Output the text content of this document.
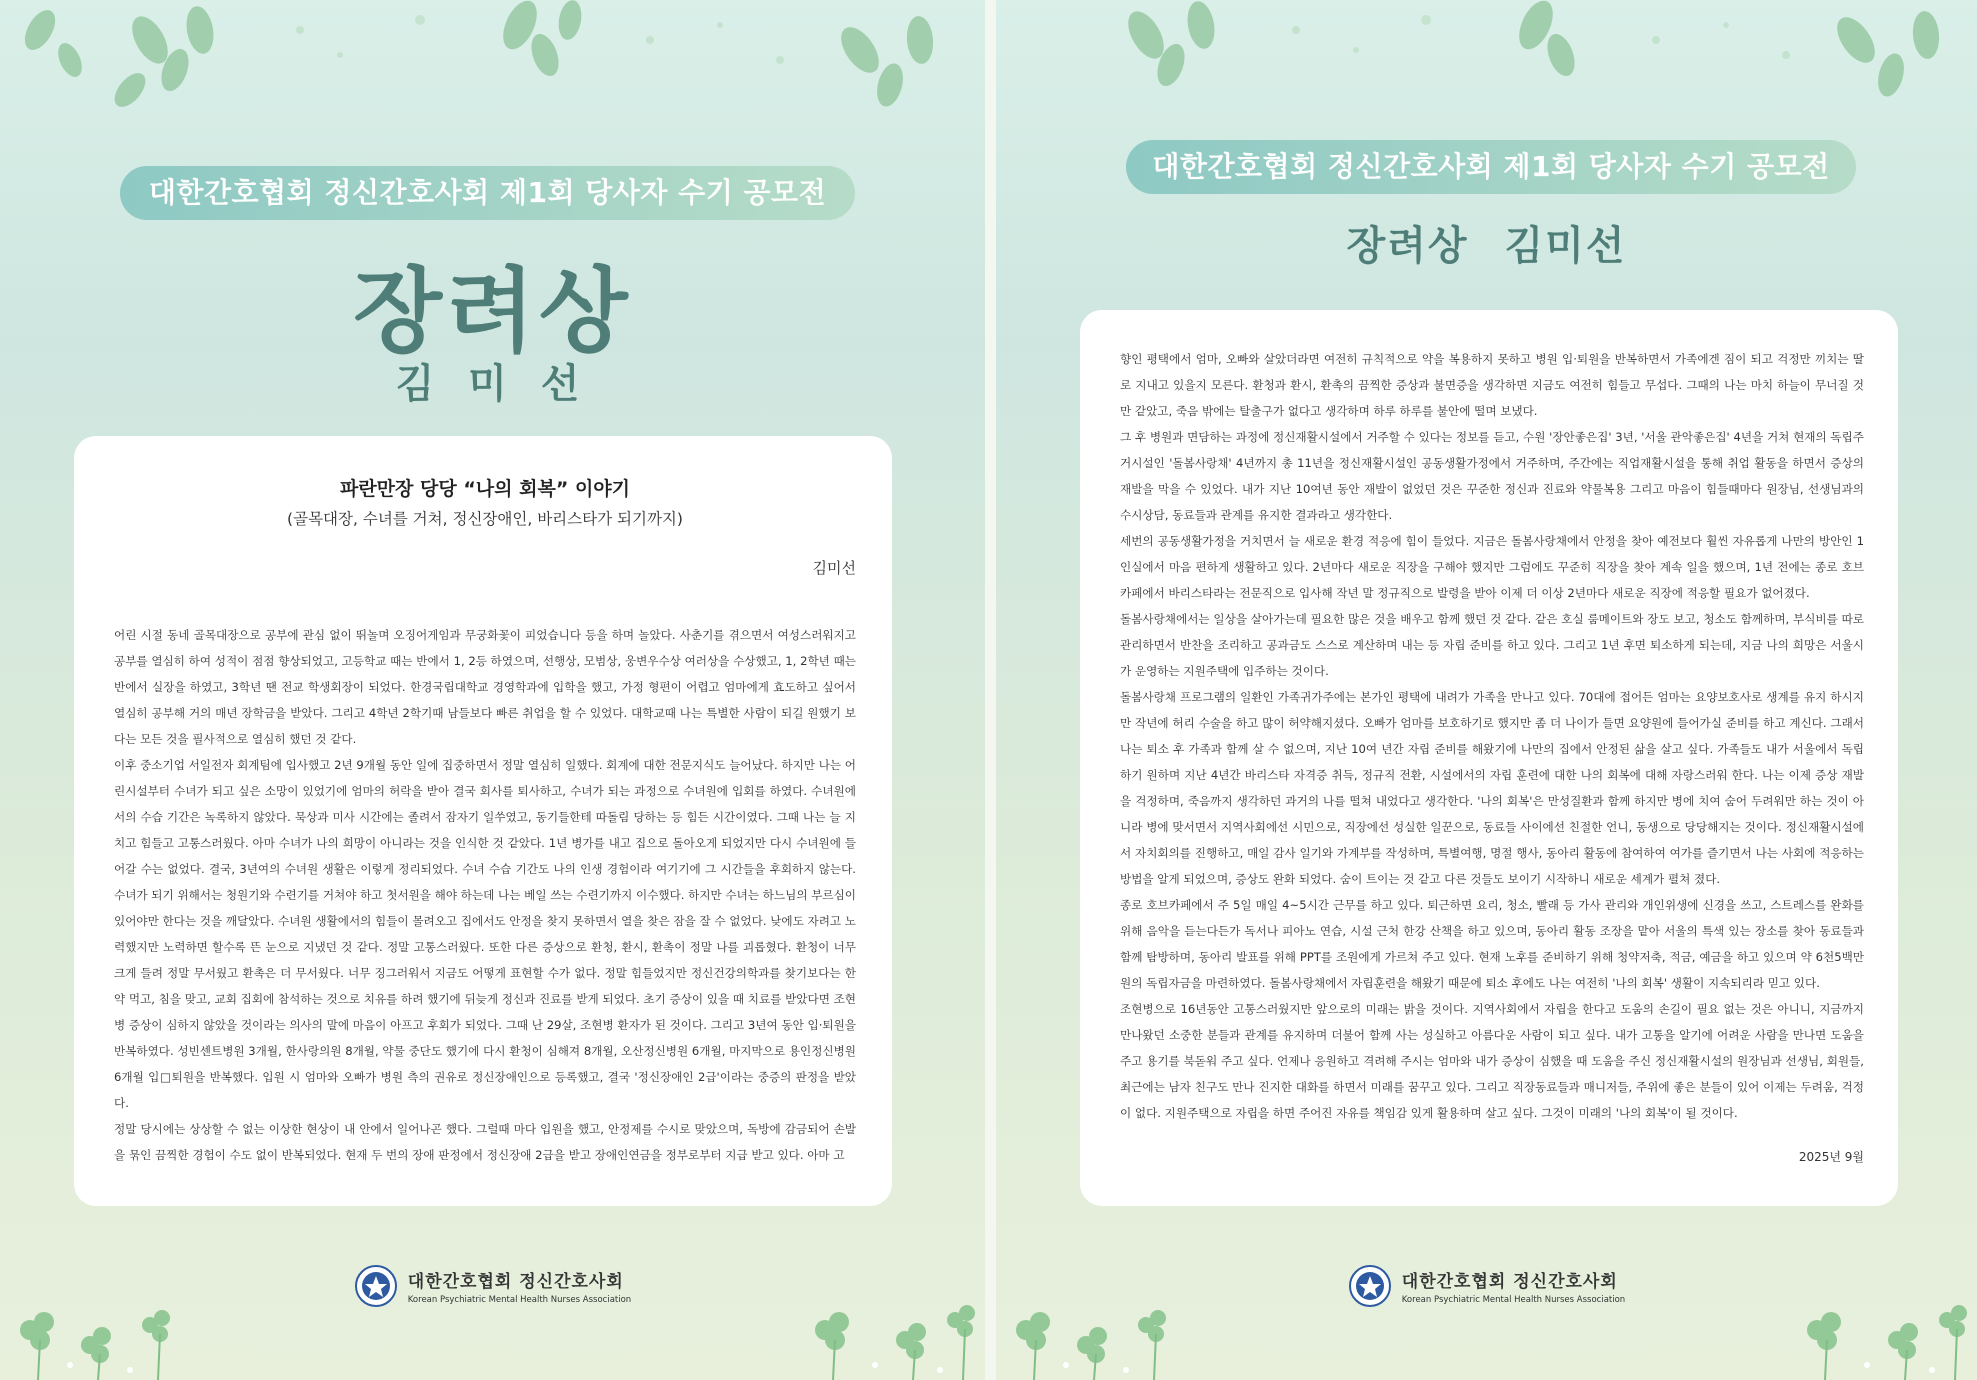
대한간호협회 정신간호사회 제1회 당사자 수기 공모전
장려상
김 미 선
파란만장 당당 “나의 회복” 이야기
(골목대장, 수녀를 거쳐, 정신장애인, 바리스타가 되기까지)
김미선

어린 시절 동네 골목대장으로 공부에 관심 없이 뛰놀며 오징어게임과 무궁화꽃이 피었습니다 등을 하며 놀았다. 사춘기를 겪으면서 여성스러워지고 공부를 열심히 하여 성적이 점점 향상되었고, 고등학교 때는 반에서 1, 2등 하였으며, 선행상, 모범상, 웅변우수상 여러상을 수상했고, 1, 2학년 때는 반에서 실장을 하였고, 3학년 땐 전교 학생회장이 되었다. 한경국립대학교 경영학과에 입학을 했고, 가정 형편이 어렵고 엄마에게 효도하고 싶어서 열심히 공부해 거의 매년 장학금을 받았다. 그리고 4학년 2학기때 남들보다 빠른 취업을 할 수 있었다. 대학교때 나는 특별한 사람이 되길 원했기 보다는 모든 것을 필사적으로 열심히 했던 것 같다.

이후 중소기업 서일전자 회계팀에 입사했고 2년 9개월 동안 일에 집중하면서 정말 열심히 일했다. 회계에 대한 전문지식도 늘어났다. 하지만 나는 어린시설부터 수녀가 되고 싶은 소망이 있었기에 엄마의 허락을 받아 결국 회사를 퇴사하고, 수녀가 되는 과정으로 수녀원에 입회를 하였다. 수녀원에서의 수습 기간은 녹록하지 않았다. 묵상과 미사 시간에는 졸려서 잠자기 일쑤였고, 동기들한테 따돌림 당하는 등 힘든 시간이였다. 그때 나는 늘 지치고 힘들고 고통스러웠다. 아마 수녀가 나의 희망이 아니라는 것을 인식한 것 같았다. 1년 병가를 내고 집으로 돌아오게 되었지만 다시 수녀원에 들어갈 수는 없었다. 결국, 3년여의 수녀원 생활은 이렇게 정리되었다. 수녀 수습 기간도 나의 인생 경험이라 여기기에 그 시간들을 후회하지 않는다. 수녀가 되기 위해서는 청원기와 수련기를 거쳐야 하고 첫서원을 해야 하는데 나는 베일 쓰는 수련기까지 이수했다. 하지만 수녀는 하느님의 부르심이 있어야만 한다는 것을 깨달았다. 수녀원 생활에서의 힘들이 몰려오고 집에서도 안정을 찾지 못하면서 열을 찾은 잠을 잘 수 없었다. 낮에도 자려고 노력했지만 노력하면 할수록 뜬 눈으로 지냈던 것 같다. 정말 고통스러웠다. 또한 다른 증상으로 환청, 환시, 환촉이 정말 나를 괴롭혔다. 환청이 너무 크게 들려 정말 무서웠고 환촉은 더 무서웠다. 너무 징그러워서 지금도 어떻게 표현할 수가 없다. 정말 힘들었지만 정신건강의학과를 찾기보다는 한약 먹고, 침을 맞고, 교회 집회에 참석하는 것으로 치유를 하려 했기에 뒤늦게 정신과 진료를 받게 되었다. 초기 증상이 있을 때 치료를 받았다면 조현병 증상이 심하지 않았을 것이라는 의사의 말에 마음이 아프고 후회가 되었다. 그때 난 29살, 조현병 환자가 된 것이다. 그리고 3년여 동안 입·퇴원을 반복하였다. 성빈센트병원 3개월, 한사랑의원 8개월, 약물 중단도 했기에 다시 환청이 심해져 8개월, 오산정신병원 6개월, 마지막으로 용인정신병원 6개월 입□퇴원을 반복했다. 입원 시 엄마와 오빠가 병원 측의 권유로 정신장애인으로 등록했고, 결국 '정신장애인 2급'이라는 중증의 판정을 받았다.

정말 당시에는 상상할 수 없는 이상한 현상이 내 안에서 일어나곤 했다. 그럴때 마다 입원을 했고, 안정제를 수시로 맞았으며, 독방에 감금되어 손발을 묶인 끔찍한 경험이 수도 없이 반복되었다. 현재 두 번의 장애 판정에서 정신장애 2급을 받고 장애인연금을 정부로부터 지급 받고 있다. 아마 고

대한간호협회 정신간호사회
Korean Psychiatric Mental Health Nurses Association
대한간호협회 정신간호사회 제1회 당사자 수기 공모전
장려상 김미선

향인 평택에서 엄마, 오빠와 살았더라면 여전히 규칙적으로 약을 복용하지 못하고 병원 입·퇴원을 반복하면서 가족에겐 짐이 되고 걱정만 끼치는 딸로 지내고 있을지 모른다. 환청과 환시, 환촉의 끔찍한 증상과 불면증을 생각하면 지금도 여전히 힘들고 무섭다. 그때의 나는 마치 하늘이 무너질 것 만 같았고, 죽음 밖에는 탈출구가 없다고 생각하며 하루 하루를 불안에 떨며 보냈다.

그 후 병원과 면담하는 과정에 정신재활시설에서 거주할 수 있다는 정보를 듣고, 수원 '장안좋은집' 3년, '서울 관악좋은집' 4년을 거쳐 현재의 독립주거시설인 '돌봄사랑채' 4년까지 총 11년을 정신재활시설인 공동생활가정에서 거주하며, 주간에는 직업재활시설을 통해 취업 활동을 하면서 증상의 재발을 막을 수 있었다. 내가 지난 10여년 동안 재발이 없었던 것은 꾸준한 정신과 진료와 약물복용 그리고 마음이 힘들때마다 원장님, 선생님과의 수시상담, 동료들과 관계를 유지한 결과라고 생각한다.

세번의 공동생활가정을 거치면서 늘 새로운 환경 적응에 힘이 들었다. 지금은 돌봄사랑채에서 안정을 찾아 예전보다 훨씬 자유롭게 나만의 방안인 1인실에서 마음 편하게 생활하고 있다. 2년마다 새로운 직장을 구해야 했지만 그럼에도 꾸준히 직장을 찾아 계속 일을 했으며, 1년 전에는 종로 호브카페에서 바리스타라는 전문직으로 입사해 작년 말 정규직으로 발령을 받아 이제 더 이상 2년마다 새로운 직장에 적응할 필요가 없어졌다.

돌봄사랑채에서는 일상을 살아가는데 필요한 많은 것을 배우고 함께 했던 것 같다. 같은 호실 룸메이트와 장도 보고, 청소도 함께하며, 부식비를 따로 관리하면서 반찬을 조리하고 공과금도 스스로 계산하며 내는 등 자립 준비를 하고 있다. 그리고 1년 후면 퇴소하게 되는데, 지금 나의 희망은 서울시가 운영하는 지원주택에 입주하는 것이다.

돌봄사랑채 프로그램의 일환인 가족귀가주에는 본가인 평택에 내려가 가족을 만나고 있다. 70대에 접어든 엄마는 요양보호사로 생계를 유지 하시지만 작년에 허리 수술을 하고 많이 허약해지셨다. 오빠가 엄마를 보호하기로 했지만 좀 더 나이가 들면 요양원에 들어가실 준비를 하고 계신다. 그래서 나는 퇴소 후 가족과 함께 살 수 없으며, 지난 10여 년간 자립 준비를 해왔기에 나만의 집에서 안정된 삶을 살고 싶다. 가족들도 내가 서울에서 독립하기 원하며 지난 4년간 바리스타 자격증 취득, 정규직 전환, 시설에서의 자립 훈련에 대한 나의 회복에 대해 자랑스러워 한다. 나는 이제 증상 재발을 걱정하며, 죽음까지 생각하던 과거의 나를 떨쳐 내었다고 생각한다. '나의 회복'은 만성질환과 함께 하지만 병에 치여 숨어 두려워만 하는 것이 아니라 병에 맞서면서 지역사회에선 시민으로, 직장에선 성실한 일꾼으로, 동료들 사이에선 친절한 언니, 동생으로 당당해지는 것이다. 정신재활시설에서 자치회의를 진행하고, 매일 감사 일기와 가계부를 작성하며, 특별여행, 명절 행사, 동아리 활동에 참여하여 여가를 즐기면서 나는 사회에 적응하는 방법을 알게 되었으며, 증상도 완화 되었다. 숨이 트이는 것 같고 다른 것들도 보이기 시작하니 새로운 세계가 펼쳐 졌다.

종로 호브카페에서 주 5일 매일 4~5시간 근무를 하고 있다. 퇴근하면 요리, 청소, 빨래 등 가사 관리와 개인위생에 신경을 쓰고, 스트레스를 완화를 위해 음악을 듣는다든가 독서나 피아노 연습, 시설 근처 한강 산책을 하고 있으며, 동아리 활동 조장을 맡아 서울의 특색 있는 장소를 찾아 동료들과 함께 탐방하며, 동아리 발표를 위해 PPT를 조원에게 가르쳐 주고 있다. 현재 노후를 준비하기 위해 청약저축, 적금, 예금을 하고 있으며 약 6천5백만원의 독립자금을 마련하였다. 돌봄사랑채에서 자립훈련을 해왔기 때문에 퇴소 후에도 나는 여전히 '나의 회복' 생활이 지속되리라 믿고 있다.

조현병으로 16년동안 고통스러웠지만 앞으로의 미래는 밝을 것이다. 지역사회에서 자립을 한다고 도움의 손길이 필요 없는 것은 아니니, 지금까지 만나왔던 소중한 분들과 관계를 유지하며 더불어 함께 사는 성실하고 아름다운 사람이 되고 싶다. 내가 고통을 알기에 어려운 사람을 만나면 도움을 주고 용기를 북돋워 주고 싶다. 언제나 응원하고 격려해 주시는 엄마와 내가 증상이 심했을 때 도움을 주신 정신재활시설의 원장님과 선생님, 회원들, 최근에는 남자 친구도 만나 진지한 대화를 하면서 미래를 꿈꾸고 있다. 그리고 직장동료들과 매니저들, 주위에 좋은 분들이 있어 이제는 두려움, 걱정이 없다. 지원주택으로 자립을 하면 주어진 자유를 책임감 있게 활용하며 살고 싶다. 그것이 미래의 '나의 회복'이 될 것이다.

2025년 9월
대한간호협회 정신간호사회
Korean Psychiatric Mental Health Nurses Association
